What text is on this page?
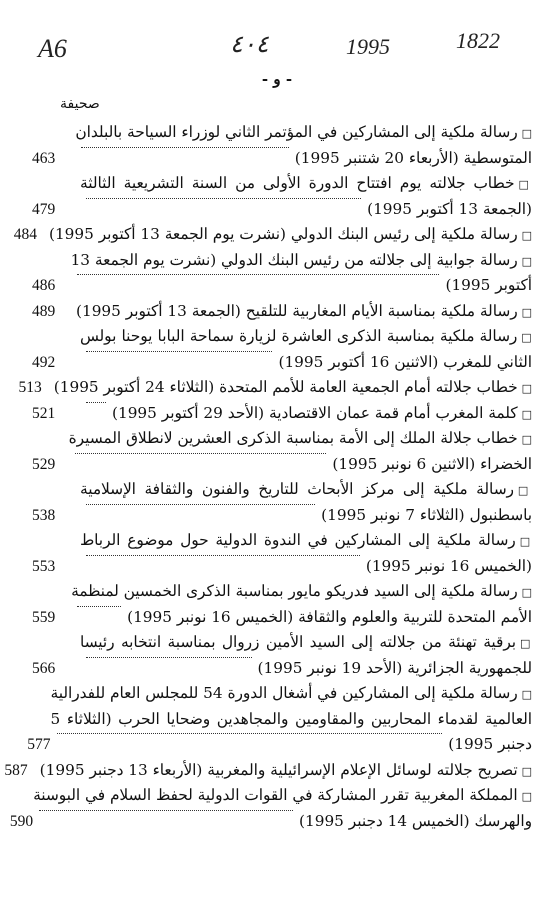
A6	٤٠٤	1995	1822
- و -
صحيفة
□رسالة ملكية إلى المشاركين في المؤتمر الثاني لوزراء السياحة بالبلدان
المتوسطية (الأربعاء 20 شتنبر 1995)
463
□خطاب جلالته يوم افتتاح الدورة الأولى من السنة التشريعية الثالثة
(الجمعة 13 أكتوبر 1995)
479
□رسالة ملكية إلى رئيس البنك الدولي (نشرت يوم الجمعة 13 أكتوبر 1995)
484
□رسالة جوابية إلى جلالته من رئيس البنك الدولي (نشرت يوم الجمعة 13
أكتوبر 1995)
486
□رسالة ملكية بمناسبة الأيام المغاربية للتلقيح (الجمعة 13 أكتوبر 1995)
489
□رسالة ملكية بمناسبة الذكرى العاشرة لزيارة سماحة البابا يوحنا بولس
الثاني للمغرب (الاثنين 16 أكتوبر 1995)
492
□خطاب جلالته أمام الجمعية العامة للأمم المتحدة (الثلاثاء 24 أكتوبر 1995)
513
□كلمة المغرب أمام قمة عمان الاقتصادية (الأحد 29 أكتوبر 1995)
521
□خطاب جلالة الملك إلى الأمة بمناسبة الذكرى العشرين لانطلاق المسيرة
الخضراء (الاثنين 6 نونبر 1995)
529
□رسالة ملكية إلى مركز الأبحاث للتاريخ والفنون والثقافة الإسلامية
باسطنبول (الثلاثاء 7 نونبر 1995)
538
□رسالة ملكية إلى المشاركين في الندوة الدولية حول موضوع الرباط
(الخميس 16 نونبر 1995)
553
□رسالة ملكية إلى السيد فدريكو مايور بمناسبة الذكرى الخمسين لمنظمة
الأمم المتحدة للتربية والعلوم والثقافة (الخميس 16 نونبر 1995)
559
□برقية تهنئة من جلالته إلى السيد الأمين زروال بمناسبة انتخابه رئيسا
للجمهورية الجزائرية (الأحد 19 نونبر 1995)
566
□رسالة ملكية إلى المشاركين في أشغال الدورة 54 للمجلس العام للفدرالية
العالمية لقدماء المحاربين والمقاومين والمجاهدين وضحايا الحرب (الثلاثاء 5
دجنبر 1995)
577
□تصريح جلالته لوسائل الإعلام الإسرائيلية والمغربية (الأربعاء 13 دجنبر 1995)
587
□المملكة المغربية تقرر المشاركة في القوات الدولية لحفظ السلام في البوسنة
والهرسك (الخميس 14 دجنبر 1995)
590
